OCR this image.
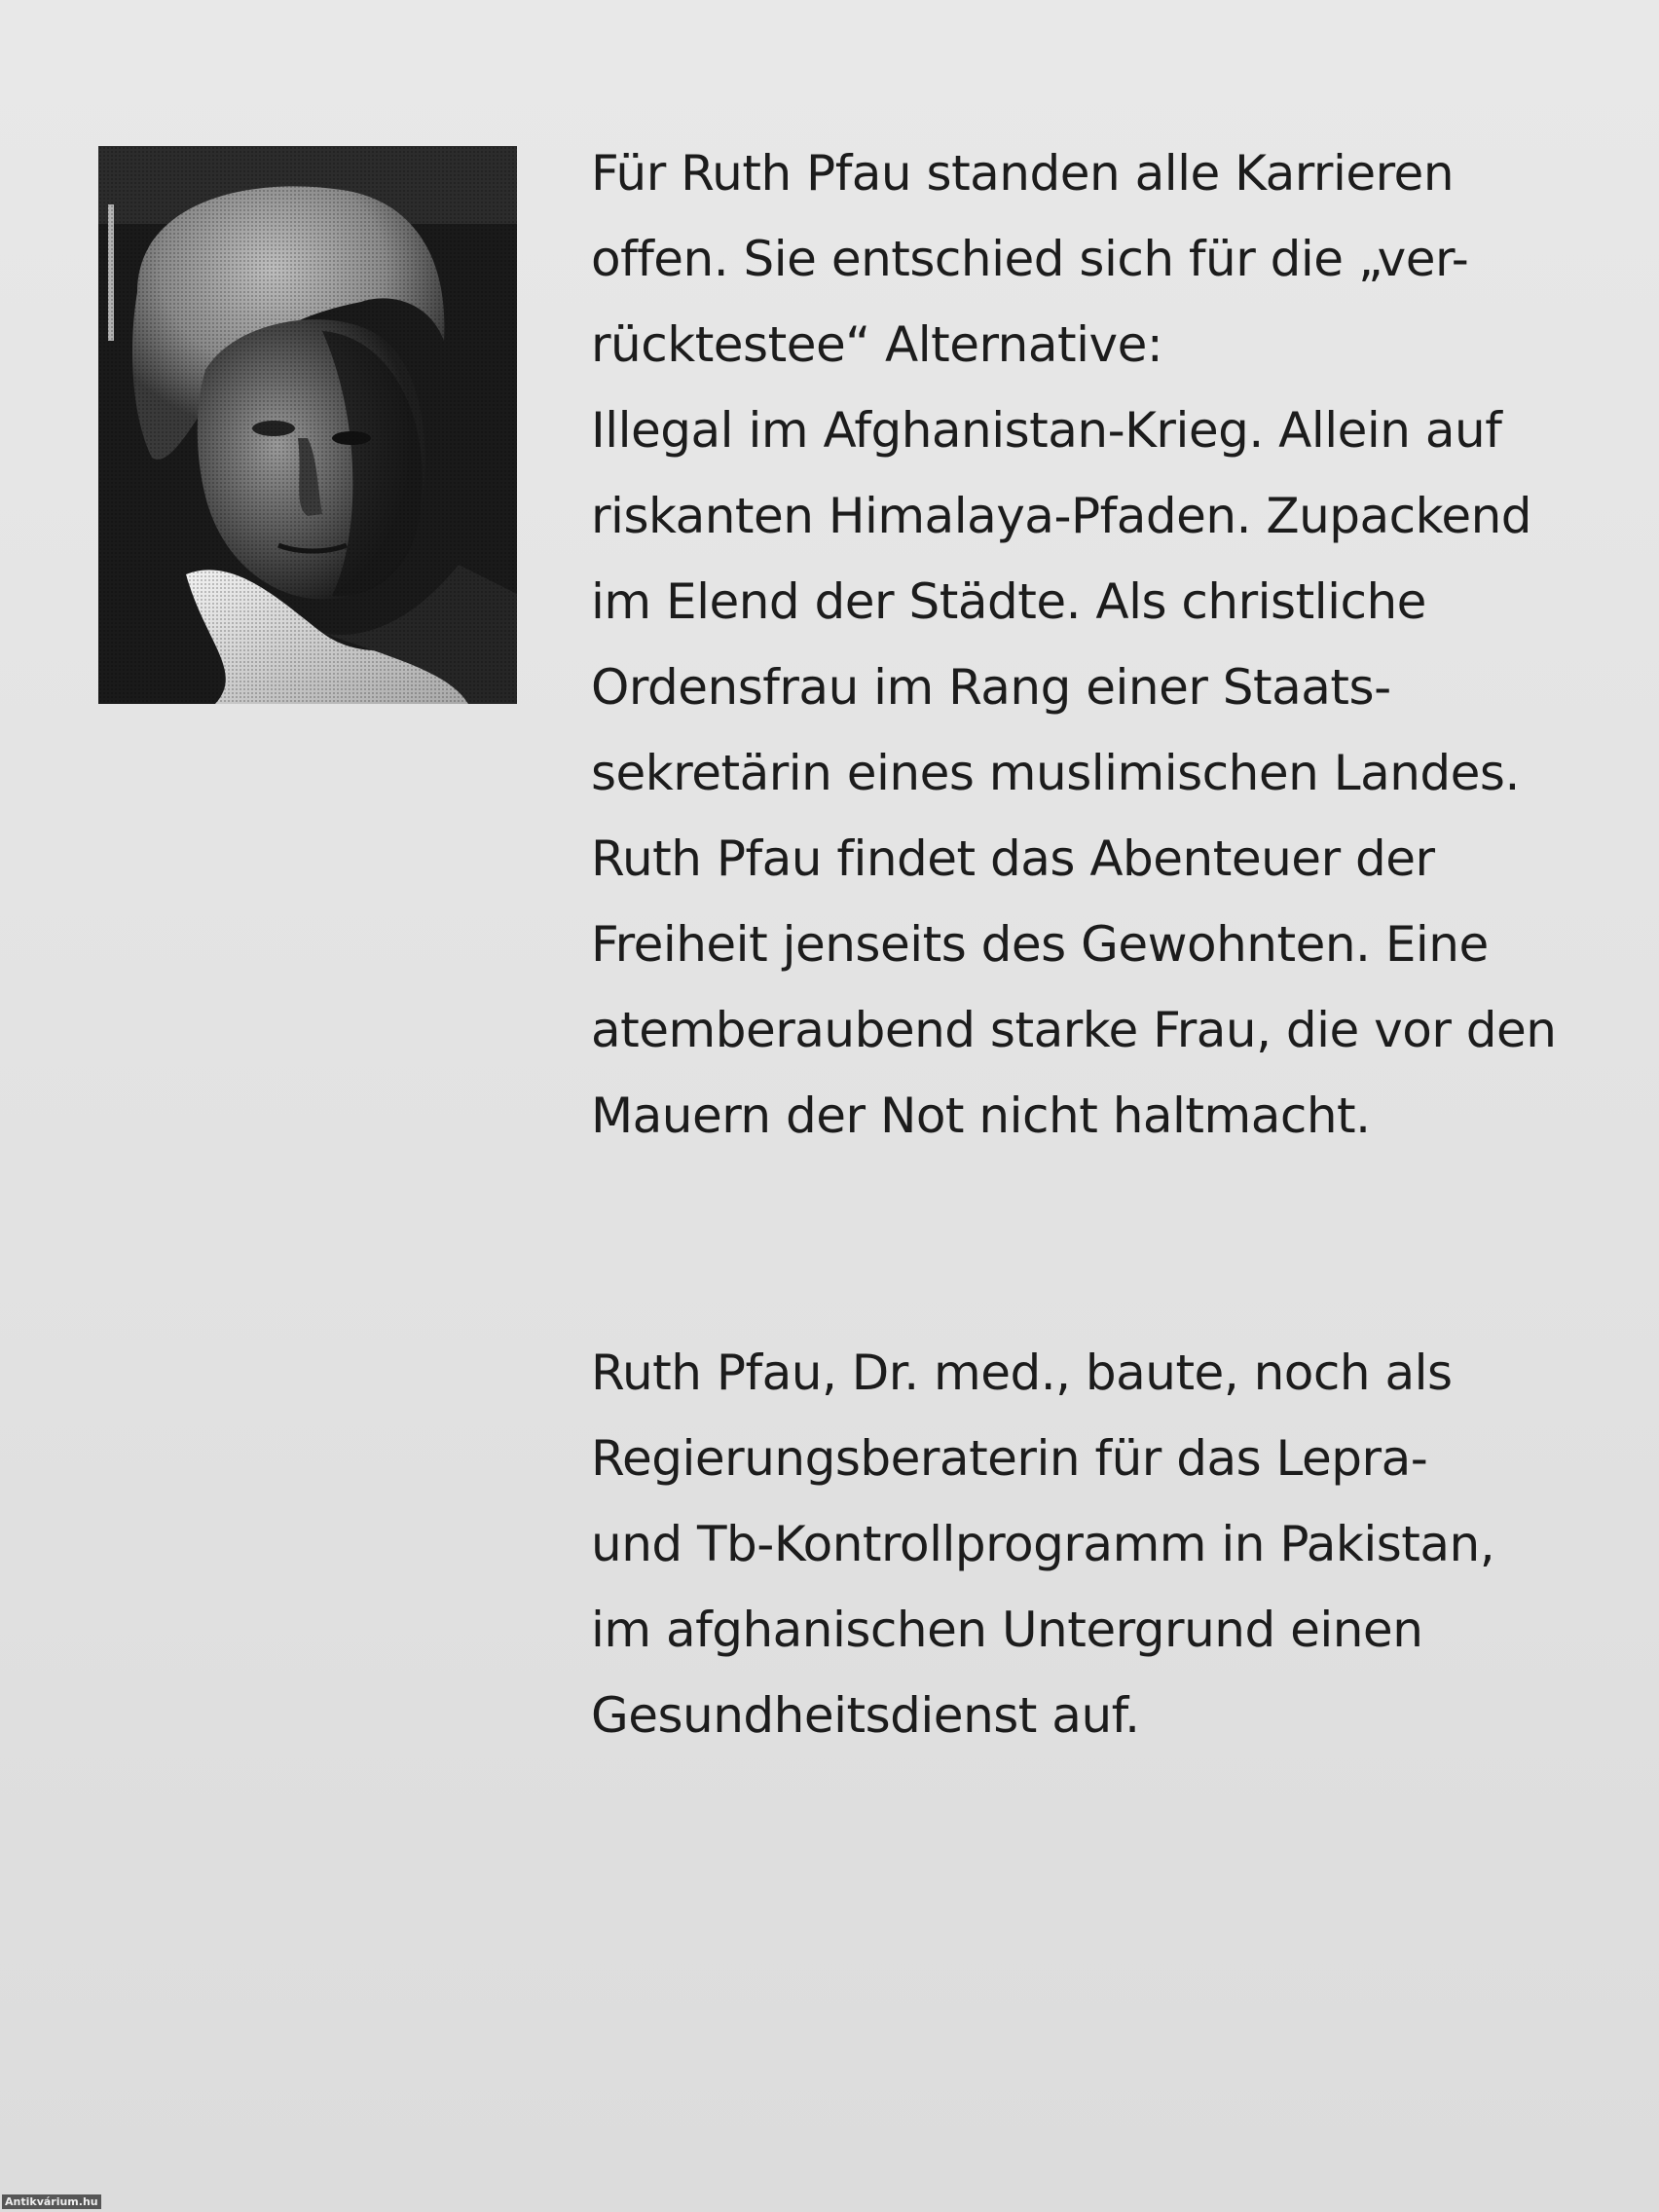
Für Ruth Pfau standen alle Karrieren
offen. Sie entschied sich für die „ver-
rücktestee“ Alternative:
Illegal im Afghanistan-Krieg. Allein auf
riskanten Himalaya-Pfaden. Zupackend
im Elend der Städte. Als christliche
Ordensfrau im Rang einer Staats-
sekretärin eines muslimischen Landes.
Ruth Pfau findet das Abenteuer der
Freiheit jenseits des Gewohnten. Eine
atemberaubend starke Frau, die vor den
Mauern der Not nicht haltmacht.
Ruth Pfau, Dr. med., baute, noch als
Regierungsberaterin für das Lepra-
und Tb-Kontrollprogramm in Pakistan,
im afghanischen Untergrund einen
Gesundheitsdienst auf.
Antikvárium.hu
